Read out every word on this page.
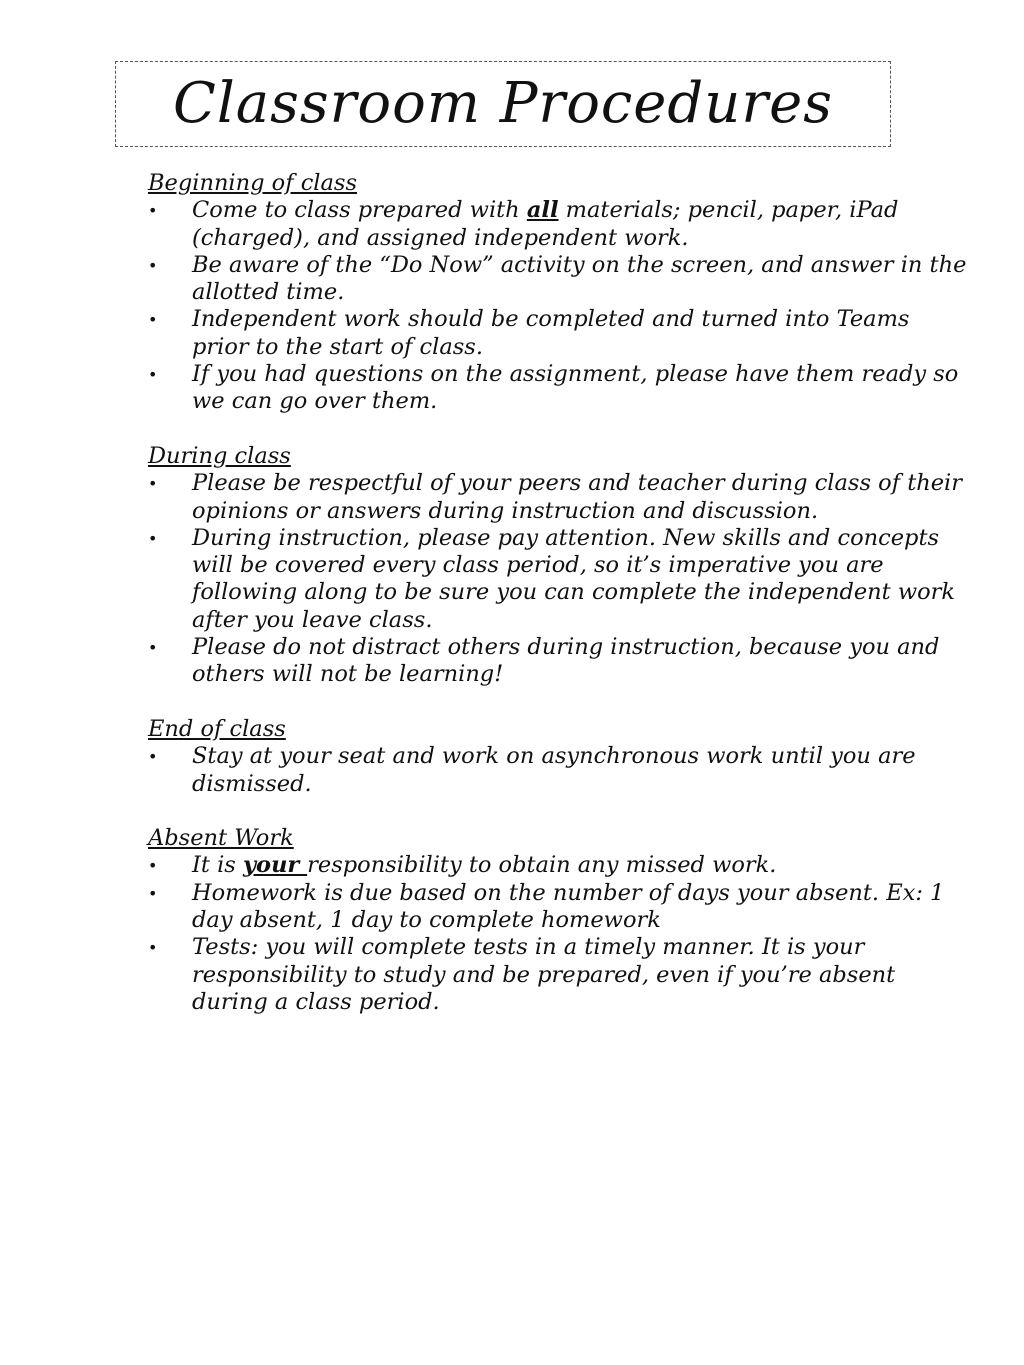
Classroom Procedures

Beginning of class

• Come to class prepared with all materials; pencil, paper, iPad (charged), and assigned independent work.
• Be aware of the “Do Now” activity on the screen, and answer in the allotted time.
• Independent work should be completed and turned into Teams prior to the start of class.
• If you had questions on the assignment, please have them ready so we can go over them.

During class

• Please be respectful of your peers and teacher during class of their opinions or answers during instruction and discussion.
• During instruction, please pay attention. New skills and concepts will be covered every class period, so it’s imperative you are following along to be sure you can complete the independent work after you leave class.
• Please do not distract others during instruction, because you and others will not be learning!

End of class

• Stay at your seat and work on asynchronous work until you are dismissed.

Absent Work

• It is your responsibility to obtain any missed work.
• Homework is due based on the number of days your absent. Ex: 1 day absent, 1 day to complete homework
• Tests: you will complete tests in a timely manner. It is your responsibility to study and be prepared, even if you’re absent during a class period.
